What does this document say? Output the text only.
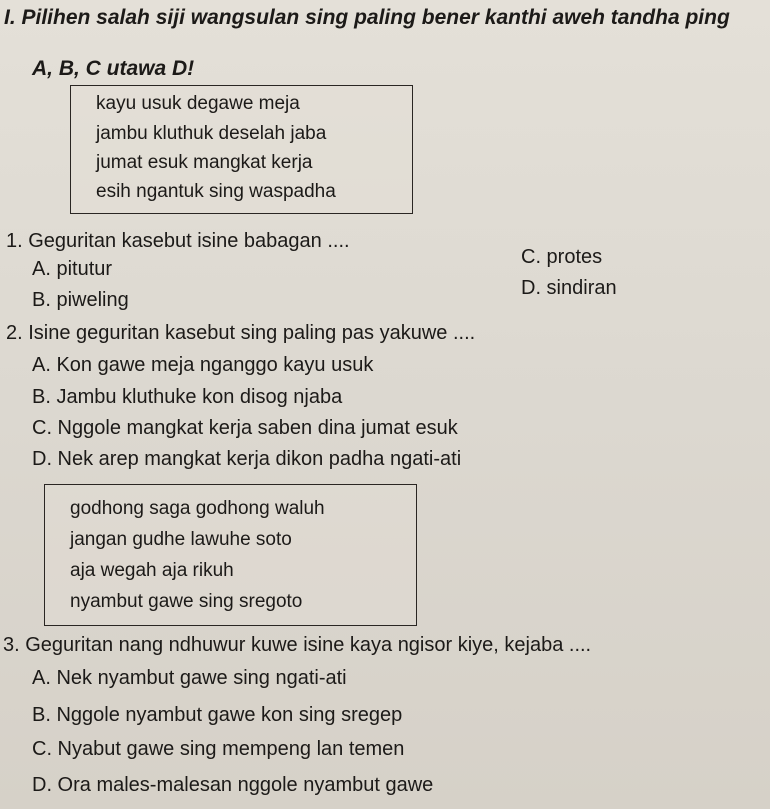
I. Pilihen salah siji wangsulan sing paling bener kanthi aweh tandha ping
A, B, C utawa D!
kayu usuk degawe meja
jambu kluthuk deselah jaba
jumat esuk mangkat kerja
esih ngantuk sing waspadha
1. Geguritan kasebut isine babagan ....
A. pitutur
C. protes
B. piweling
D. sindiran
2. Isine geguritan kasebut sing paling pas yakuwe ....
A. Kon gawe meja nganggo kayu usuk
B. Jambu kluthuke kon disog njaba
C. Nggole mangkat kerja saben dina jumat esuk
D. Nek arep mangkat kerja dikon padha ngati-ati
godhong saga godhong waluh
jangan gudhe lawuhe soto
aja wegah aja rikuh
nyambut gawe sing sregoto
3. Geguritan nang ndhuwur kuwe isine kaya ngisor kiye, kejaba ....
A. Nek nyambut gawe sing ngati-ati
B. Nggole nyambut gawe kon sing sregep
C. Nyabut gawe sing mempeng lan temen
D. Ora males-malesan nggole nyambut gawe
